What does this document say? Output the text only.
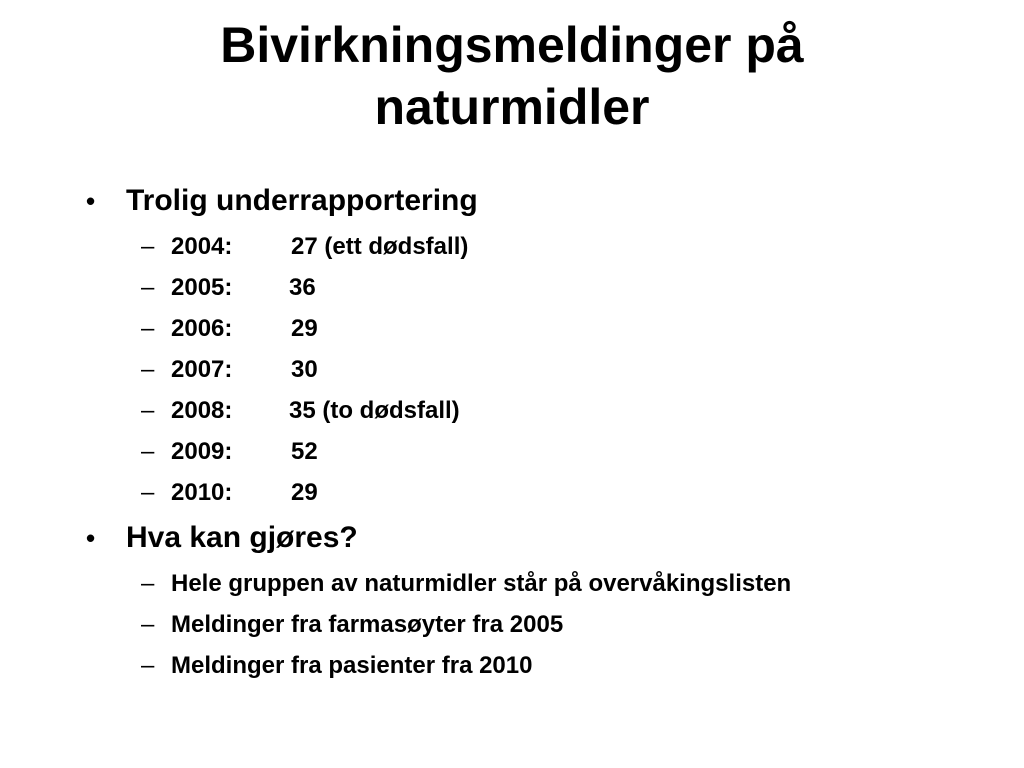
Bivirkningsmeldinger på
naturmidler
• Trolig underrapportering
– 2004: 27 (ett dødsfall)
– 2005: 36
– 2006: 29
– 2007: 30
– 2008: 35 (to dødsfall)
– 2009: 52
– 2010: 29
• Hva kan gjøres?
– Hele gruppen av naturmidler står på overvåkingslisten
– Meldinger fra farmasøyter fra 2005
– Meldinger fra pasienter fra 2010
